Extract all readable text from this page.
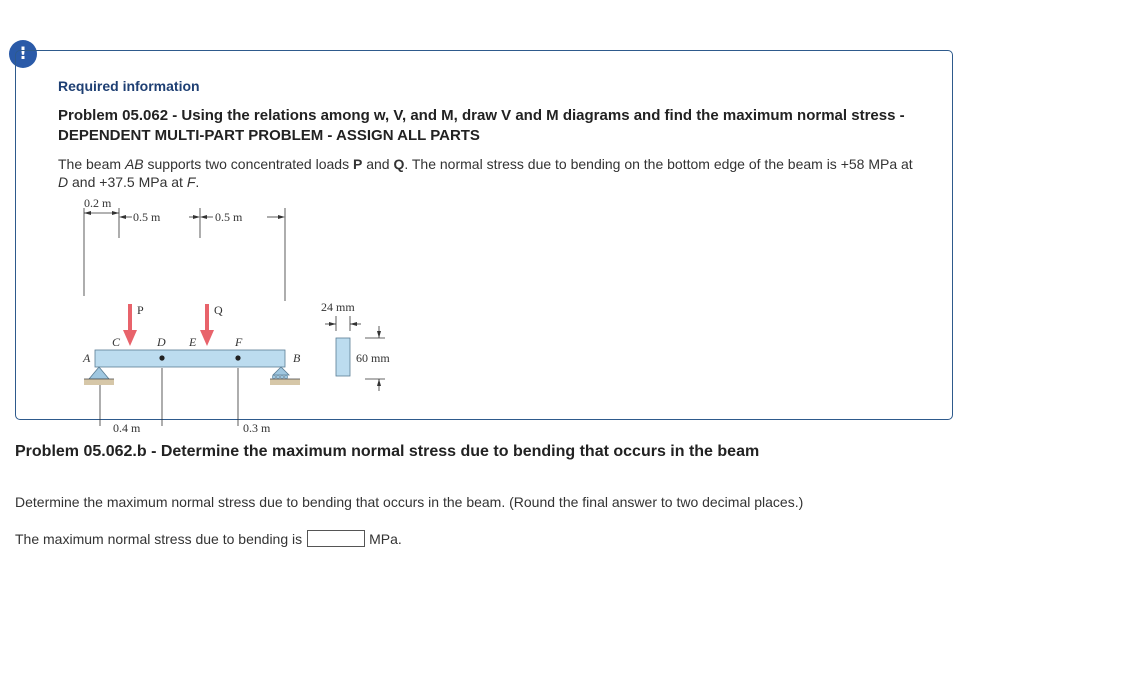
!
Required information
Problem 05.062 - Using the relations among w, V, and M, draw V and M diagrams and find the maximum normal stress - DEPENDENT MULTI-PART PROBLEM - ASSIGN ALL PARTS
The beam AB supports two concentrated loads P and Q. The normal stress due to bending on the bottom edge of the beam is +58 MPa at D and +37.5 MPa at F.
0.2 m
0.5 m	0.5 m
P	Q
C	D E	F
A	B
0.4 m	0.3 m
24 mm
60 mm
Problem 05.062.b - Determine the maximum normal stress due to bending that occurs in the beam
Determine the maximum normal stress due to bending that occurs in the beam. (Round the final answer to two decimal places.)
The maximum normal stress due to bending is	MPa.
